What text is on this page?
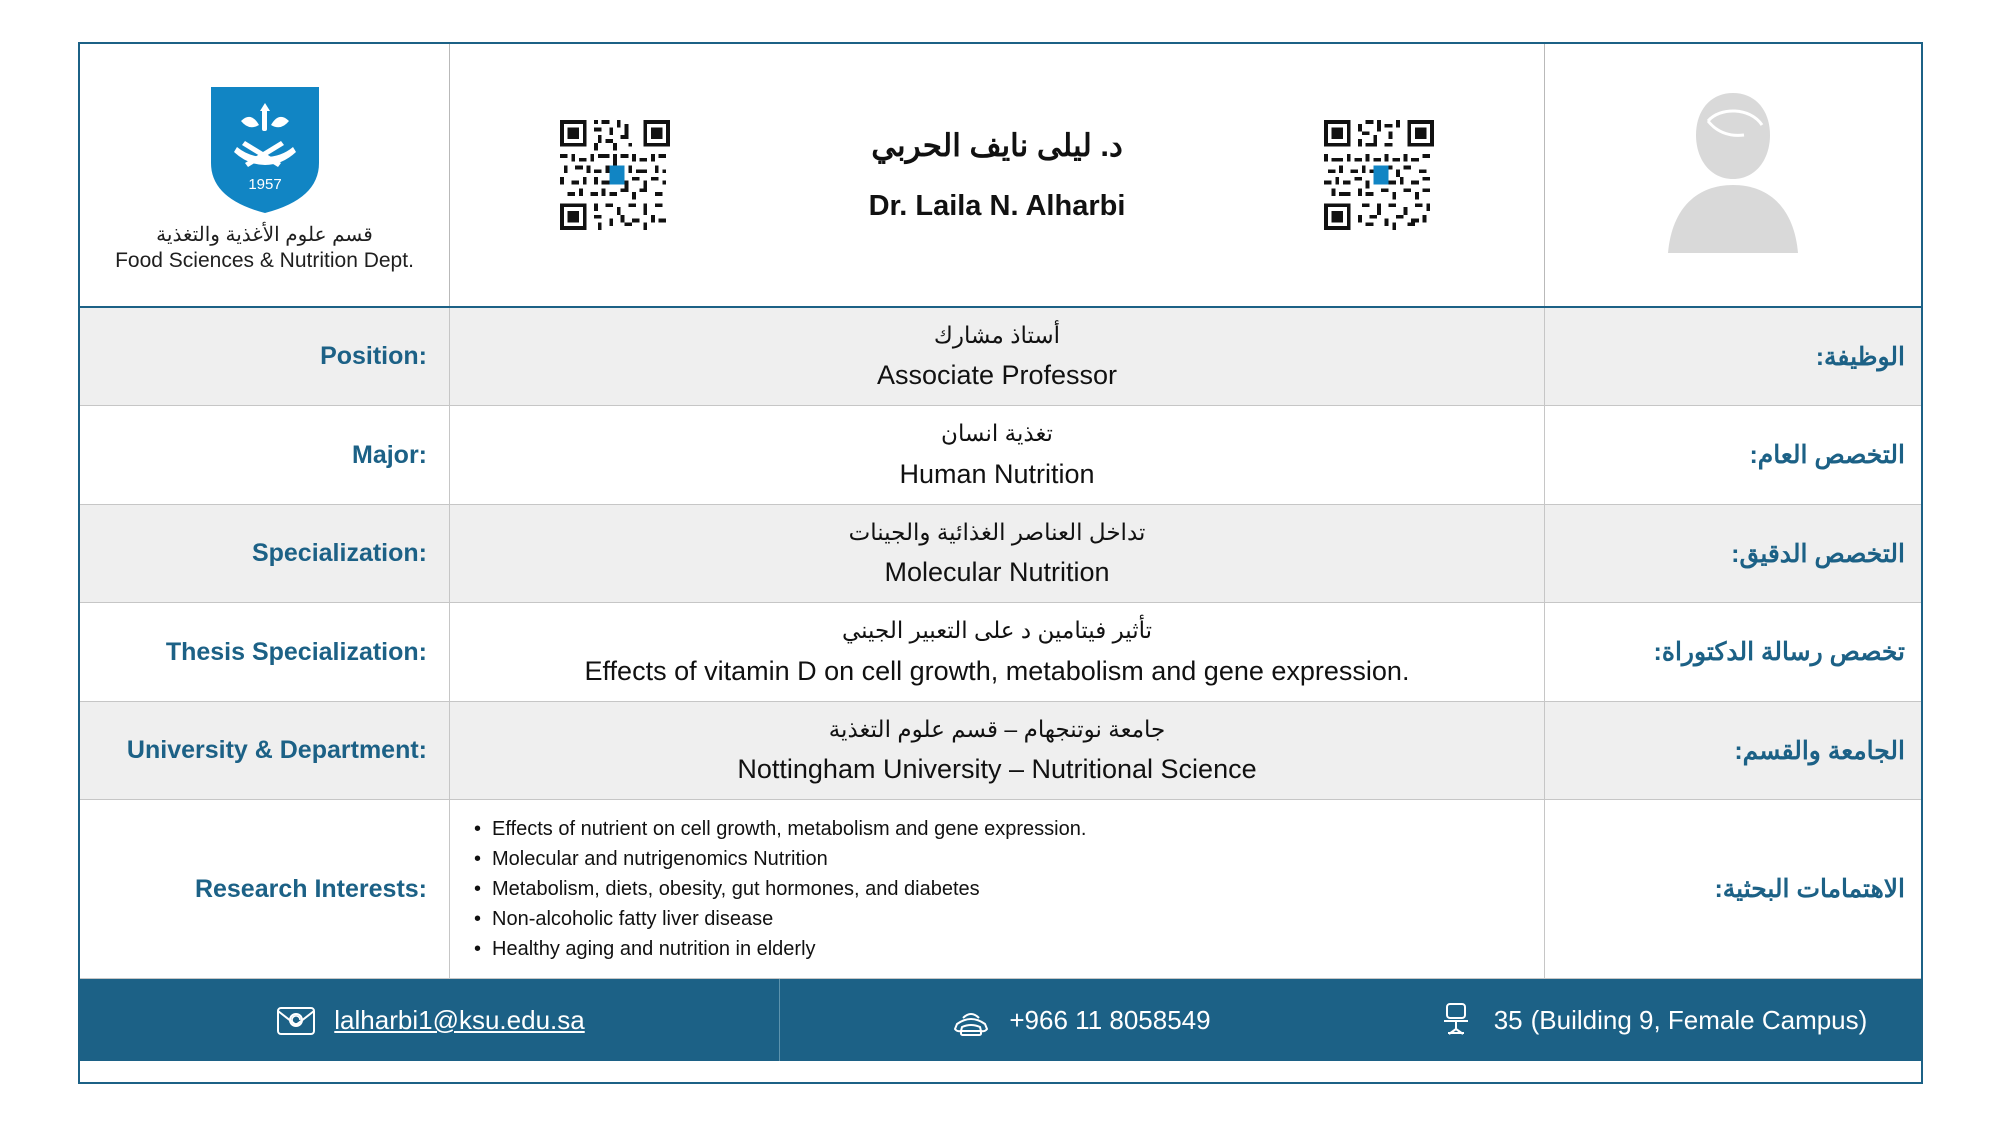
1957
قسم علوم الأغذية والتغذية
Food Sciences & Nutrition Dept.
د. ليلى نايف الحربي
Dr. Laila N. Alharbi
Position:
أستاذ مشارك
Associate Professor
الوظيفة:
Major:
تغذية انسان
Human Nutrition
التخصص العام:
Specialization:
تداخل العناصر الغذائية والجينات
Molecular Nutrition
التخصص الدقيق:
Thesis Specialization:
تأثير فيتامين د على التعبير الجيني
Effects of vitamin D on cell growth, metabolism and gene expression.
تخصص رسالة الدكتوراة:
University & Department:
جامعة نوتنجهام – قسم علوم التغذية
Nottingham University – Nutritional Science
الجامعة والقسم:
Research Interests:
• Effects of nutrient on cell growth, metabolism and gene expression.
• Molecular and nutrigenomics Nutrition
• Metabolism, diets, obesity, gut hormones, and diabetes
• Non-alcoholic fatty liver disease
• Healthy aging and nutrition in elderly
الاهتمامات البحثية:
lalharbi1@ksu.edu.sa	+966 11 8058549	35 (Building 9, Female Campus)
